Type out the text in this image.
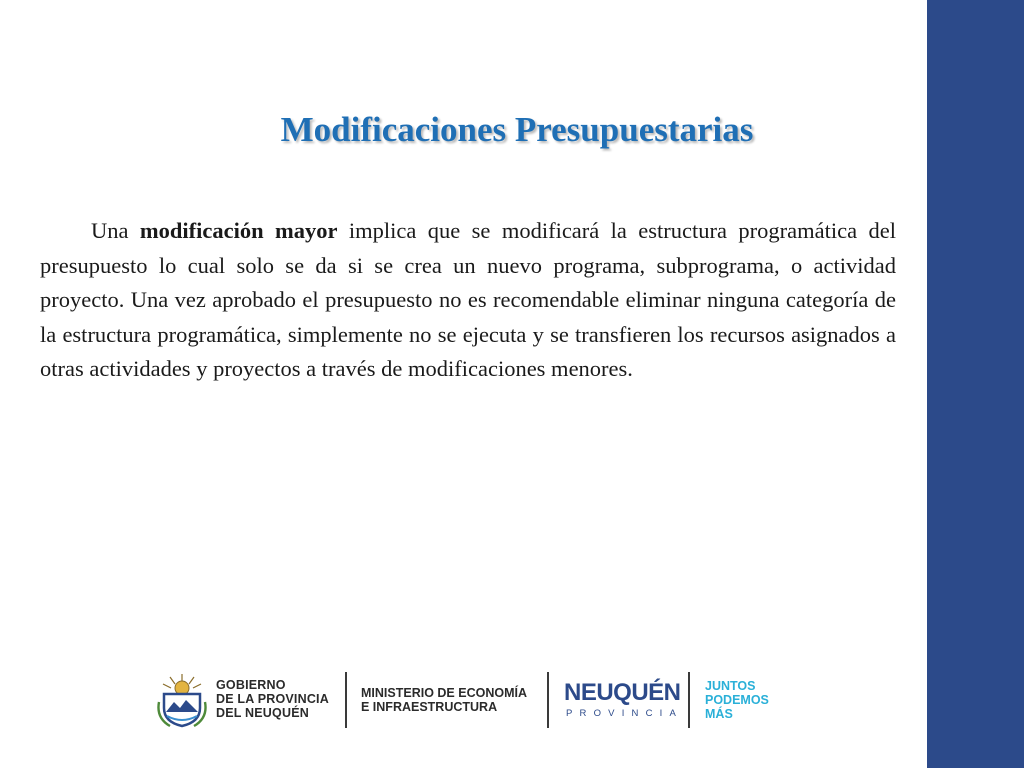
Modificaciones Presupuestarias

Una modificación mayor implica que se modificará la estructura programática del presupuesto lo cual solo se da si se crea un nuevo programa, subprograma, o actividad proyecto. Una vez aprobado el presupuesto no es recomendable eliminar ninguna categoría de la estructura programática, simplemente no se ejecuta y se transfieren los recursos asignados a otras actividades y proyectos a través de modificaciones menores.

GOBIERNO
DE LA PROVINCIA
DEL NEUQUÉN
MINISTERIO DE ECONOMÍA
E INFRAESTRUCTURA
NEUQUÉN
PROVINCIA
JUNTOS
PODEMOS
MÁS
